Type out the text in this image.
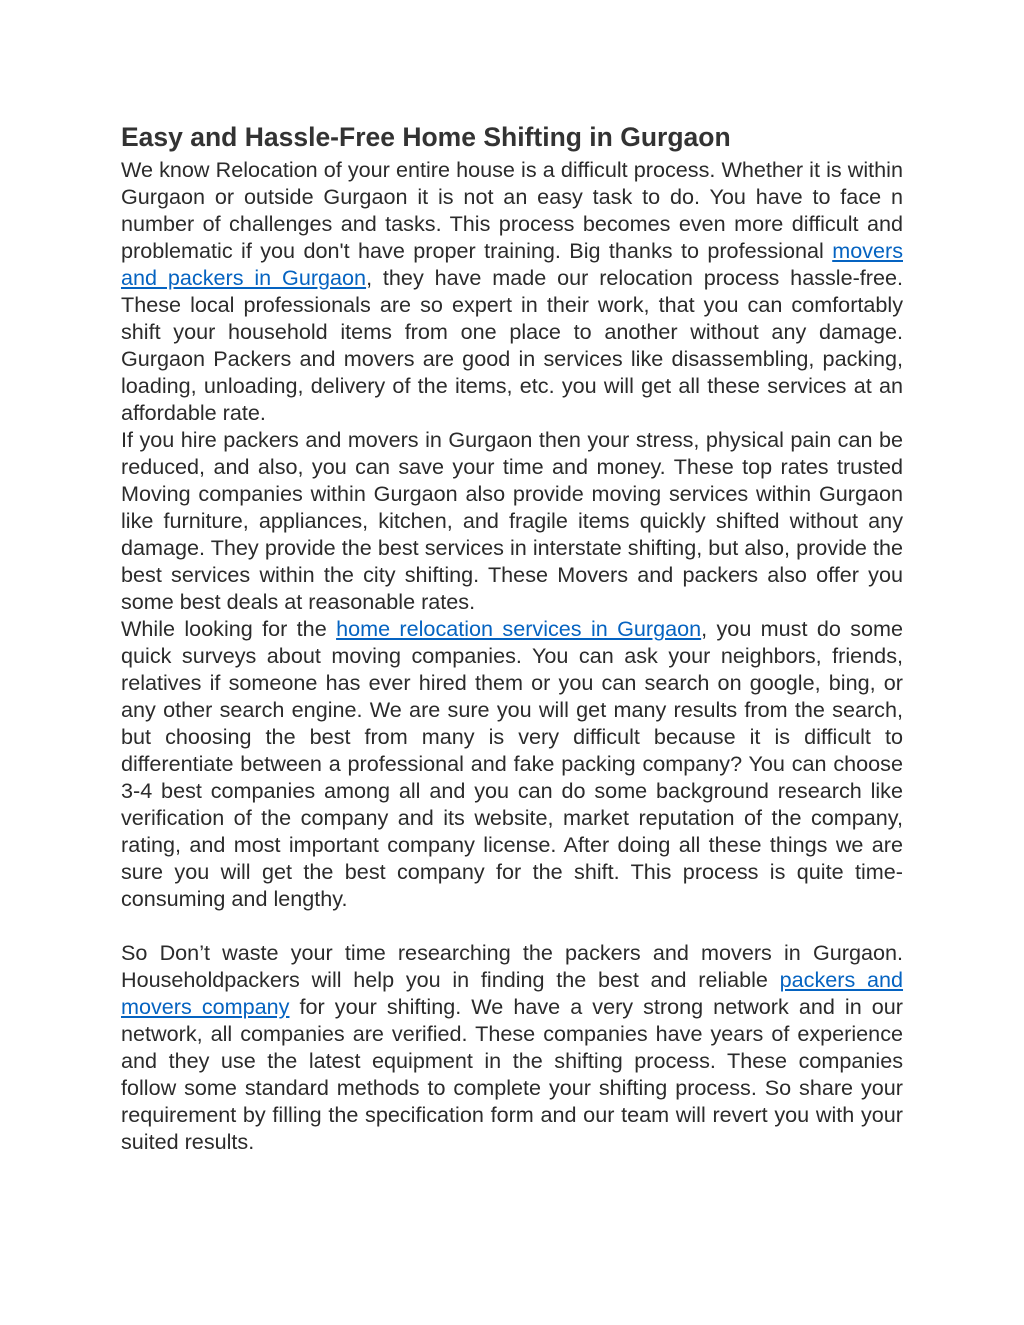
Easy and Hassle-Free Home Shifting in Gurgaon

We know Relocation of your entire house is a difficult process. Whether it is within Gurgaon or outside Gurgaon it is not an easy task to do. You have to face n number of challenges and tasks. This process becomes even more difficult and problematic if you don't have proper training. Big thanks to professional movers and packers in Gurgaon, they have made our relocation process hassle-free. These local professionals are so expert in their work, that you can comfortably shift your household items from one place to another without any damage. Gurgaon Packers and movers are good in services like disassembling, packing, loading, unloading, delivery of the items, etc. you will get all these services at an affordable rate.

If you hire packers and movers in Gurgaon then your stress, physical pain can be reduced, and also, you can save your time and money. These top rates trusted Moving companies within Gurgaon also provide moving services within Gurgaon like furniture, appliances, kitchen, and fragile items quickly shifted without any damage. They provide the best services in interstate shifting, but also, provide the best services within the city shifting. These Movers and packers also offer you some best deals at reasonable rates.

While looking for the home relocation services in Gurgaon, you must do some quick surveys about moving companies. You can ask your neighbors, friends, relatives if someone has ever hired them or you can search on google, bing, or any other search engine. We are sure you will get many results from the search, but choosing the best from many is very difficult because it is difficult to differentiate between a professional and fake packing company? You can choose 3-4 best companies among all and you can do some background research like verification of the company and its website, market reputation of the company, rating, and most important company license. After doing all these things we are sure you will get the best company for the shift. This process is quite time-consuming and lengthy.

So Don’t waste your time researching the packers and movers in Gurgaon. Householdpackers will help you in finding the best and reliable packers and movers company for your shifting. We have a very strong network and in our network, all companies are verified. These companies have years of experience and they use the latest equipment in the shifting process. These companies follow some standard methods to complete your shifting process. So share your requirement by filling the specification form and our team will revert you with your suited results.
